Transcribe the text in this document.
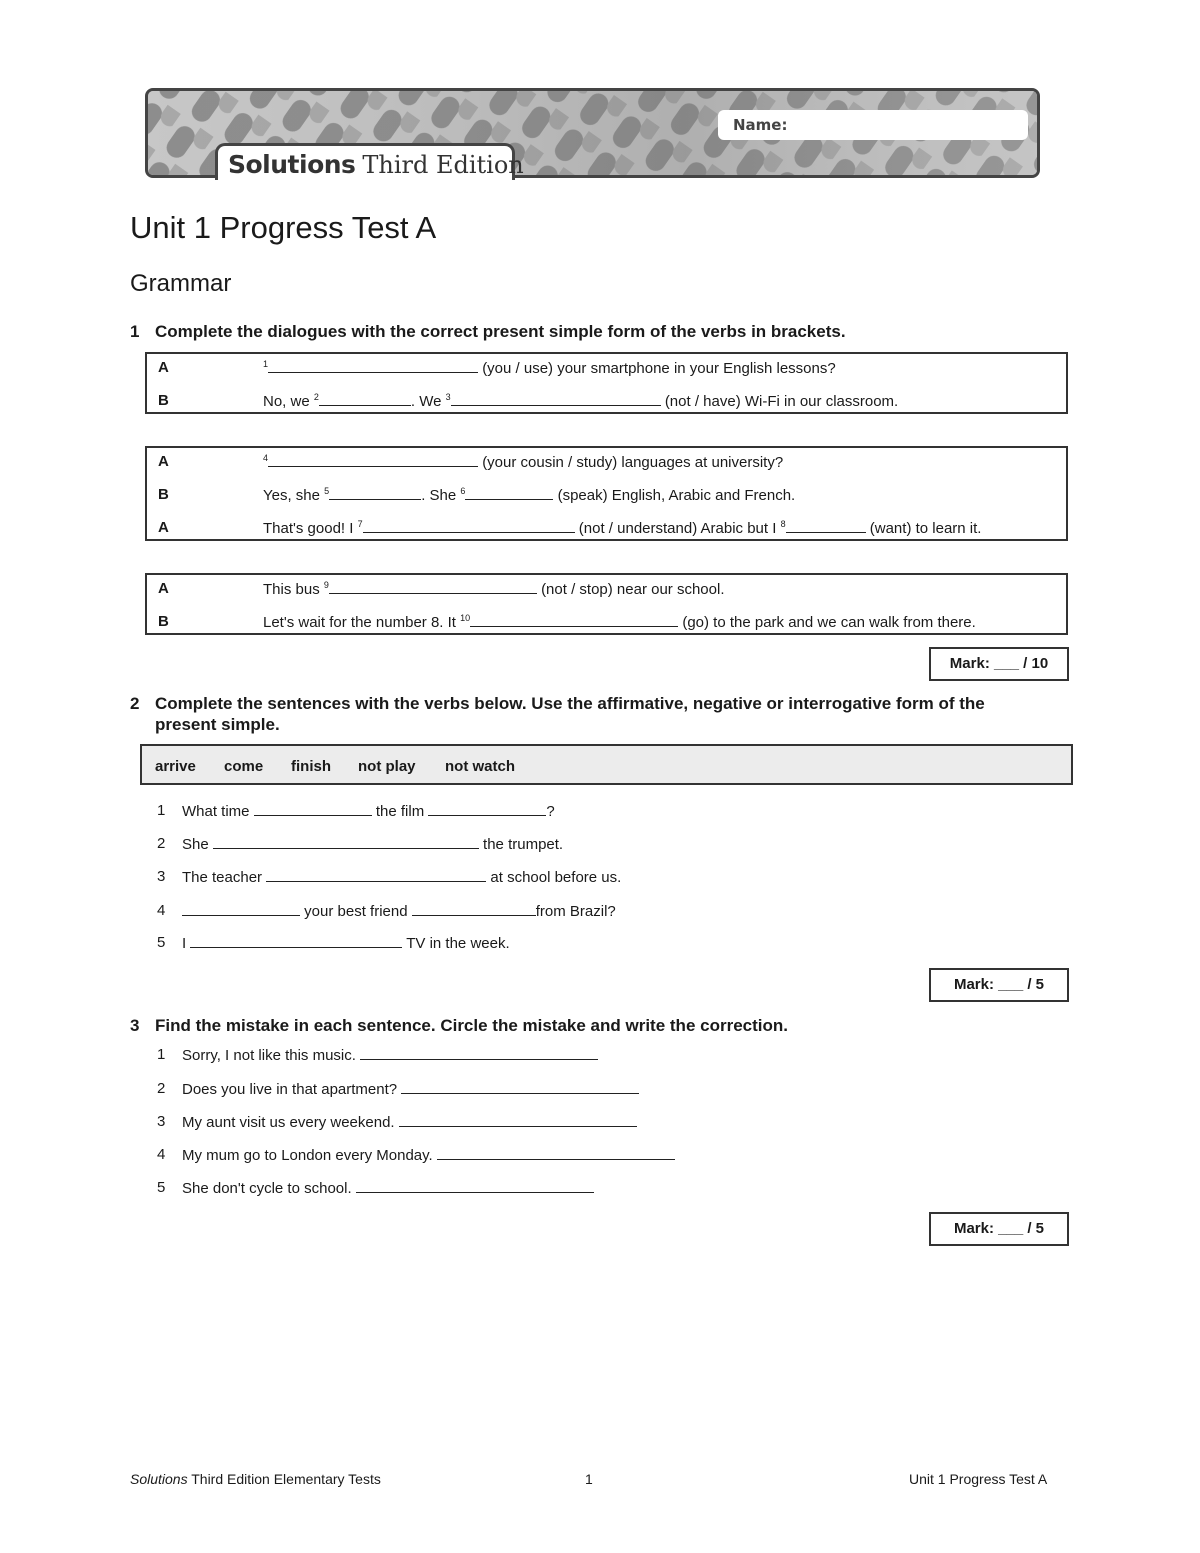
Name:
Solutions Third Edition
Unit 1 Progress Test A
Grammar
1 Complete the dialogues with the correct present simple form of the verbs in brackets.
A	$^1$	(you / use) your smartphone in your English lessons?
B	No, we $^2$	. We $^3$	(not / have) Wi-Fi in our classroom.
A	$^4$	(your cousin / study) languages at university?
B	Yes, she $^5$	. She $^6$	(speak) English, Arabic and French.
A	That's good! I $^7$	(not / understand) Arabic but I $^8$	(want) to learn it.
A	This bus $^9$	(not / stop) near our school.
B	Let's wait for the number 8. It $^{10}$	(go) to the park and we can walk from there.
Mark: ___ / 10
2 Complete the sentences with the verbs below. Use the affirmative, negative or interrogative form of the
present simple.
arrive come finish not play not watch
1 What time	the film	?
2 She	the trumpet.
3 The teacher	at school before us.
4	your best friend	from Brazil?
5 I	TV in the week.
Mark: ___ / 5
3 Find the mistake in each sentence. Circle the mistake and write the correction.
1 Sorry, I not like this music.
2 Does you live in that apartment?
3 My aunt visit us every weekend.
4 My mum go to London every Monday.
5 She don't cycle to school.
Mark: ___ / 5
Solutions Third Edition Elementary Tests	1	Unit 1 Progress Test A
